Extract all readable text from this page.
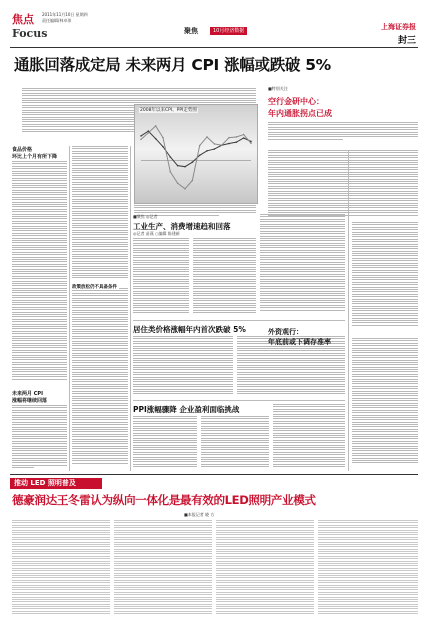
焦点
Focus
2011年11月10日 星期四
责任编辑/林卓琼
聚焦	10月经济数据	上海证券报
封三
通胀回落成定局 未来两月 CPI 涨幅或跌破 5%
■特别关注
空行金研中心：
年内通胀拐点已成
食品价格
环比上个月有所下降
未来两月 CPI
涨幅将继续回落
2008年以来CPI、PPI走势图
■聚焦 ◎记者
工业生产、消费增速趋和回落
◎记者 苗燕 ○编辑 陈建新
居住类价格涨幅年内首次跌破 5%
PPI涨幅骤降 企业盈利面临挑战
政策放松仍不具备条件
外资观行：
年底前或下调存准率
推动 LED 照明普及
德豪润达王冬雷认为纵向一体化是最有效的LED照明产业模式
■本报记者 晓 方
